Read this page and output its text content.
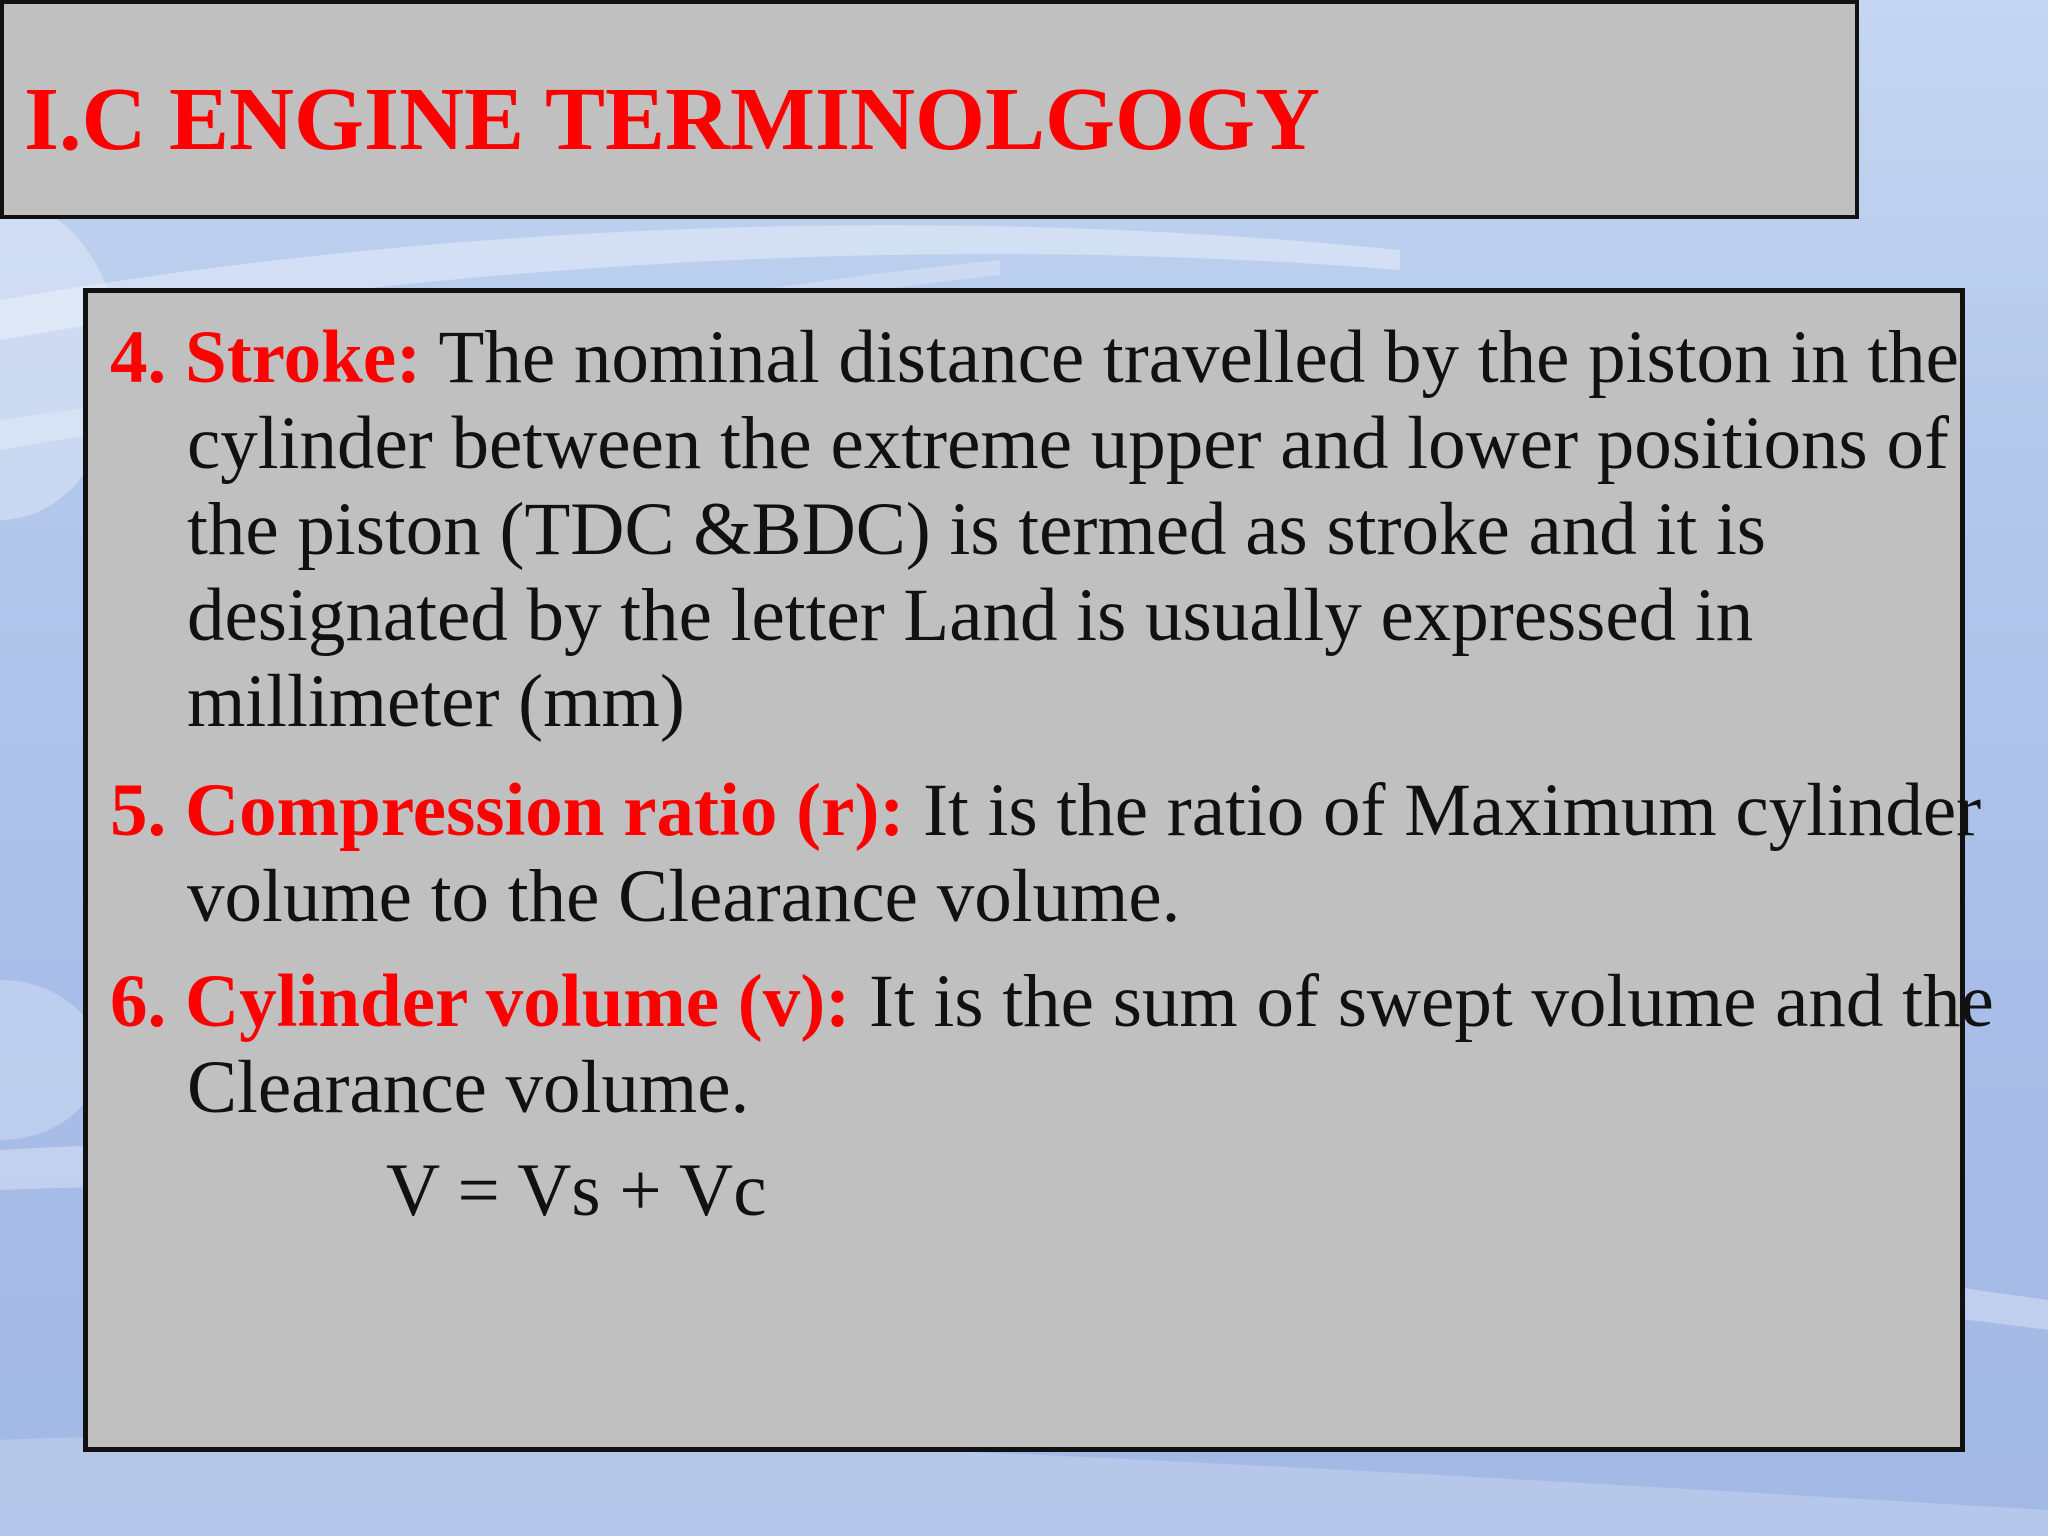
I.C ENGINE TERMINOLGOGY

4. Stroke: The nominal distance travelled by the piston in the cylinder between the extreme upper and lower positions of the piston (TDC &BDC) is termed as stroke and it is designated by the letter Land is usually expressed in millimeter (mm)

5. Compression ratio (r): It is the ratio of Maximum cylinder volume to the Clearance volume.

6. Cylinder volume (v): It is the sum of swept volume and the Clearance volume.

V = Vs + Vc
